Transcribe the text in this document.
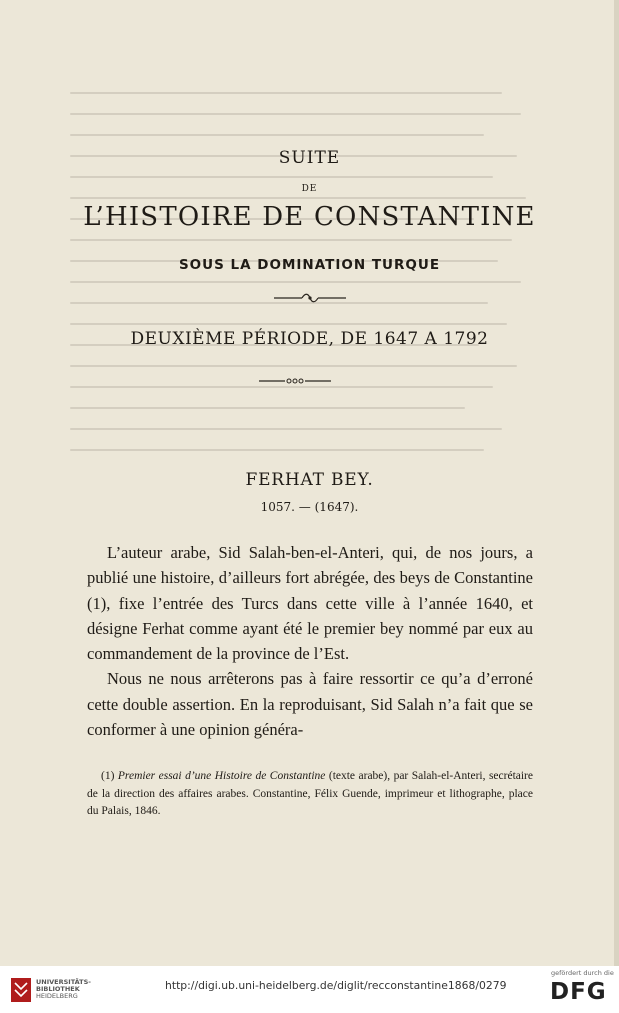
SUITE
DE
L’HISTOIRE DE CONSTANTINE
SOUS LA DOMINATION TURQUE
DEUXIÈME PÉRIODE, DE 1647 A 1792
FERHAT BEY.
1057. — (1647).

L’auteur arabe, Sid Salah-ben-el-Anteri, qui, de nos jours, a publié une histoire, d’ailleurs fort abrégée, des beys de Constantine (1), fixe l’entrée des Turcs dans cette ville à l’année 1640, et désigne Ferhat comme ayant été le premier bey nommé par eux au commandement de la province de l’Est.

Nous ne nous arrêterons pas à faire ressortir ce qu’a d’erroné cette double assertion. En la reproduisant, Sid Salah n’a fait que se conformer à une opinion généra-

(1) Premier essai d’une Histoire de Constantine (texte arabe), par Salah-el-Anteri, secrétaire de la direction des affaires arabes. Constantine, Félix Guende, imprimeur et lithographe, place du Palais, 1846.
UNIVERSITÄTS-
BIBLIOTHEK
HEIDELBERG
http://digi.ub.uni-heidelberg.de/diglit/recconstantine1868/0279
gefördert durch die
DFG
